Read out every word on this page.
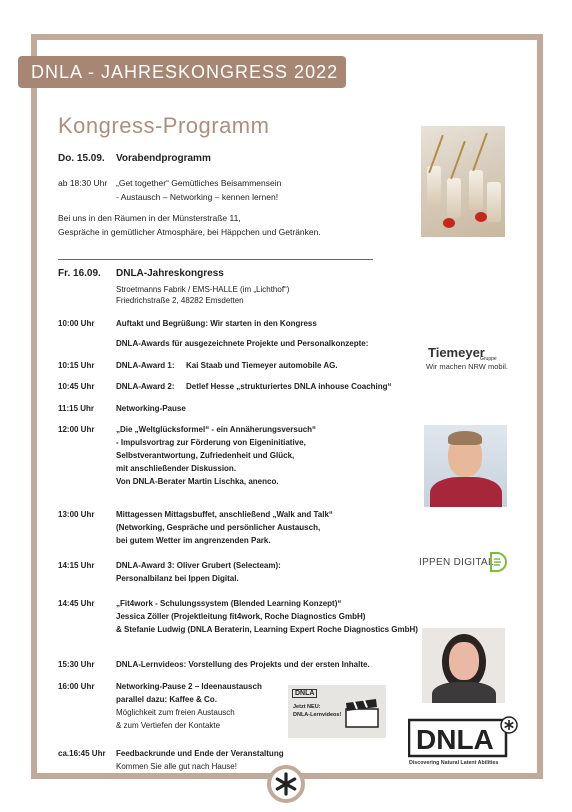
DNLA - JAHRESKONGRESS 2022
Kongress-Programm
Do. 15.09. Vorabendprogramm
ab 18:30 Uhr „Get together“ Gemütliches Beisammensein
- Austausch – Networking – kennen lernen!
Bei uns in den Räumen in der Münsterstraße 11,
Gespräche in gemütlicher Atmosphäre, bei Häppchen und Getränken.
Fr. 16.09. DNLA-Jahreskongress
Stroetmanns Fabrik / EMS-HALLE (im „Lichthof“)
Friedrichstraße 2, 48282 Emsdetten
10:00 Uhr	Auftakt und Begrüßung: Wir starten in den Kongress
DNLA-Awards für ausgezeichnete Projekte und Personalkonzepte:
10:15 Uhr	DNLA-Award 1: Kai Staab und Tiemeyer automobile AG.
10:45 Uhr	DNLA-Award 2: Detlef Hesse „strukturiertes DNLA inhouse Coaching“
11:15 Uhr	Networking-Pause
12:00 Uhr	„Die „Weltglücksformel“ - ein Annäherungsversuch“
- Impulsvortrag zur Förderung von Eigeninitiative,
Selbstverantwortung, Zufriedenheit und Glück,
mit anschließender Diskussion.
Von DNLA-Berater Martin Lischka, anenco.
13:00 Uhr	Mittagessen Mittagsbuffet, anschließend „Walk and Talk“
(Networking, Gespräche und persönlicher Austausch,
bei gutem Wetter im angrenzenden Park.
14:15 Uhr	DNLA-Award 3: Oliver Grubert (Selecteam):
Personalbilanz bei Ippen Digital.
14:45 Uhr	„Fit4work - Schulungssystem (Blended Learning Konzept)“
Jessica Zöller (Projektleitung fit4work, Roche Diagnostics GmbH)
& Stefanie Ludwig (DNLA Beraterin, Learning Expert Roche Diagnostics GmbH)
15:30 Uhr	DNLA-Lernvideos: Vorstellung des Projekts und der ersten Inhalte.
16:00 Uhr	Networking-Pause 2 – Ideenaustausch
parallel dazu: Kaffee & Co.
Möglichkeit zum freien Austausch
& zum Vertiefen der Kontakte
ca.16:45 Uhr	Feedbackrunde und Ende der Veranstaltung
Kommen Sie alle gut nach Hause!
Tiemeyer
Gruppe
Wir machen NRW mobil.
IPPEN DIGITAL
DNLA
Jetzt NEU:
DNLA-Lernvideos!
DNLA
Discovering Natural Latent Abilities
